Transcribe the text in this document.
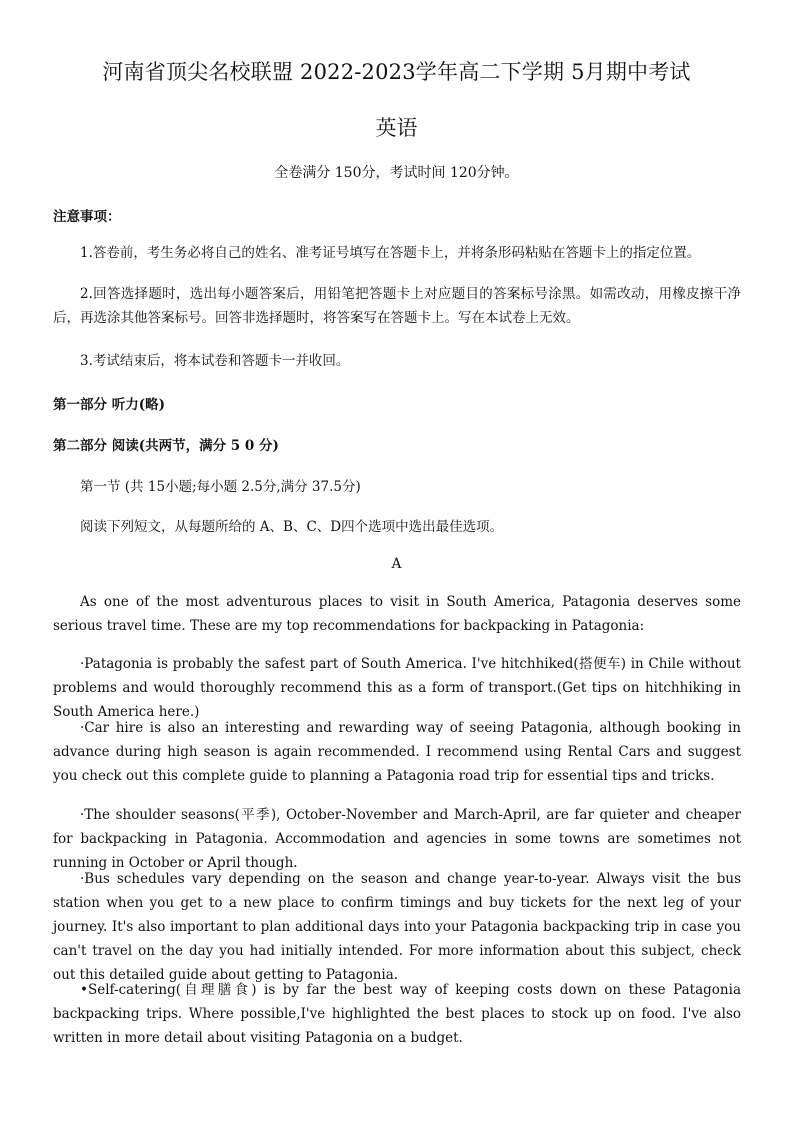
河南省顶尖名校联盟 2022-2023学年高二下学期 5月期中考试
英语
全卷满分 150分，考试时间 120分钟。
注意事项：
1.答卷前，考生务必将自己的姓名、准考证号填写在答题卡上，并将条形码粘贴在答题卡上的指定位置。
2.回答选择题时，选出每小题答案后，用铅笔把答题卡上对应题目的答案标号涂黑。如需改动，用橡皮擦干净后，再选涂其他答案标号。回答非选择题时，将答案写在答题卡上。写在本试卷上无效。
3.考试结束后，将本试卷和答题卡一并收回。
第一部分 听力(略)
第二部分 阅读(共两节，满分 5 0 分)
第一节 (共 15小题;每小题 2.5分,满分 37.5分)
阅读下列短文，从每题所给的 A、B、C、D四个选项中选出最佳选项。
A
As one of the most adventurous places to visit in South America, Patagonia deserves some serious travel time. These are my top recommendations for backpacking in Patagonia:
·Patagonia is probably the safest part of South America. I've hitchhiked(搭便车) in Chile without problems and would thoroughly recommend this as a form of transport.(Get tips on hitchhiking in South America here.)
·Car hire is also an interesting and rewarding way of seeing Patagonia, although booking in advance during high season is again recommended. I recommend using Rental Cars and suggest you check out this complete guide to planning a Patagonia road trip for essential tips and tricks.
·The shoulder seasons(平季), October-November and March-April, are far quieter and cheaper for backpacking in Patagonia. Accommodation and agencies in some towns are sometimes not running in October or April though.
·Bus schedules vary depending on the season and change year-to-year. Always visit the bus station when you get to a new place to confirm timings and buy tickets for the next leg of your journey. It's also important to plan additional days into your Patagonia backpacking trip in case you can't travel on the day you had initially intended. For more information about this subject, check out this detailed guide about getting to Patagonia.
•Self-catering(自理膳食) is by far the best way of keeping costs down on these Patagonia backpacking trips. Where possible,I've highlighted the best places to stock up on food. I've also written in more detail about visiting Patagonia on a budget.
